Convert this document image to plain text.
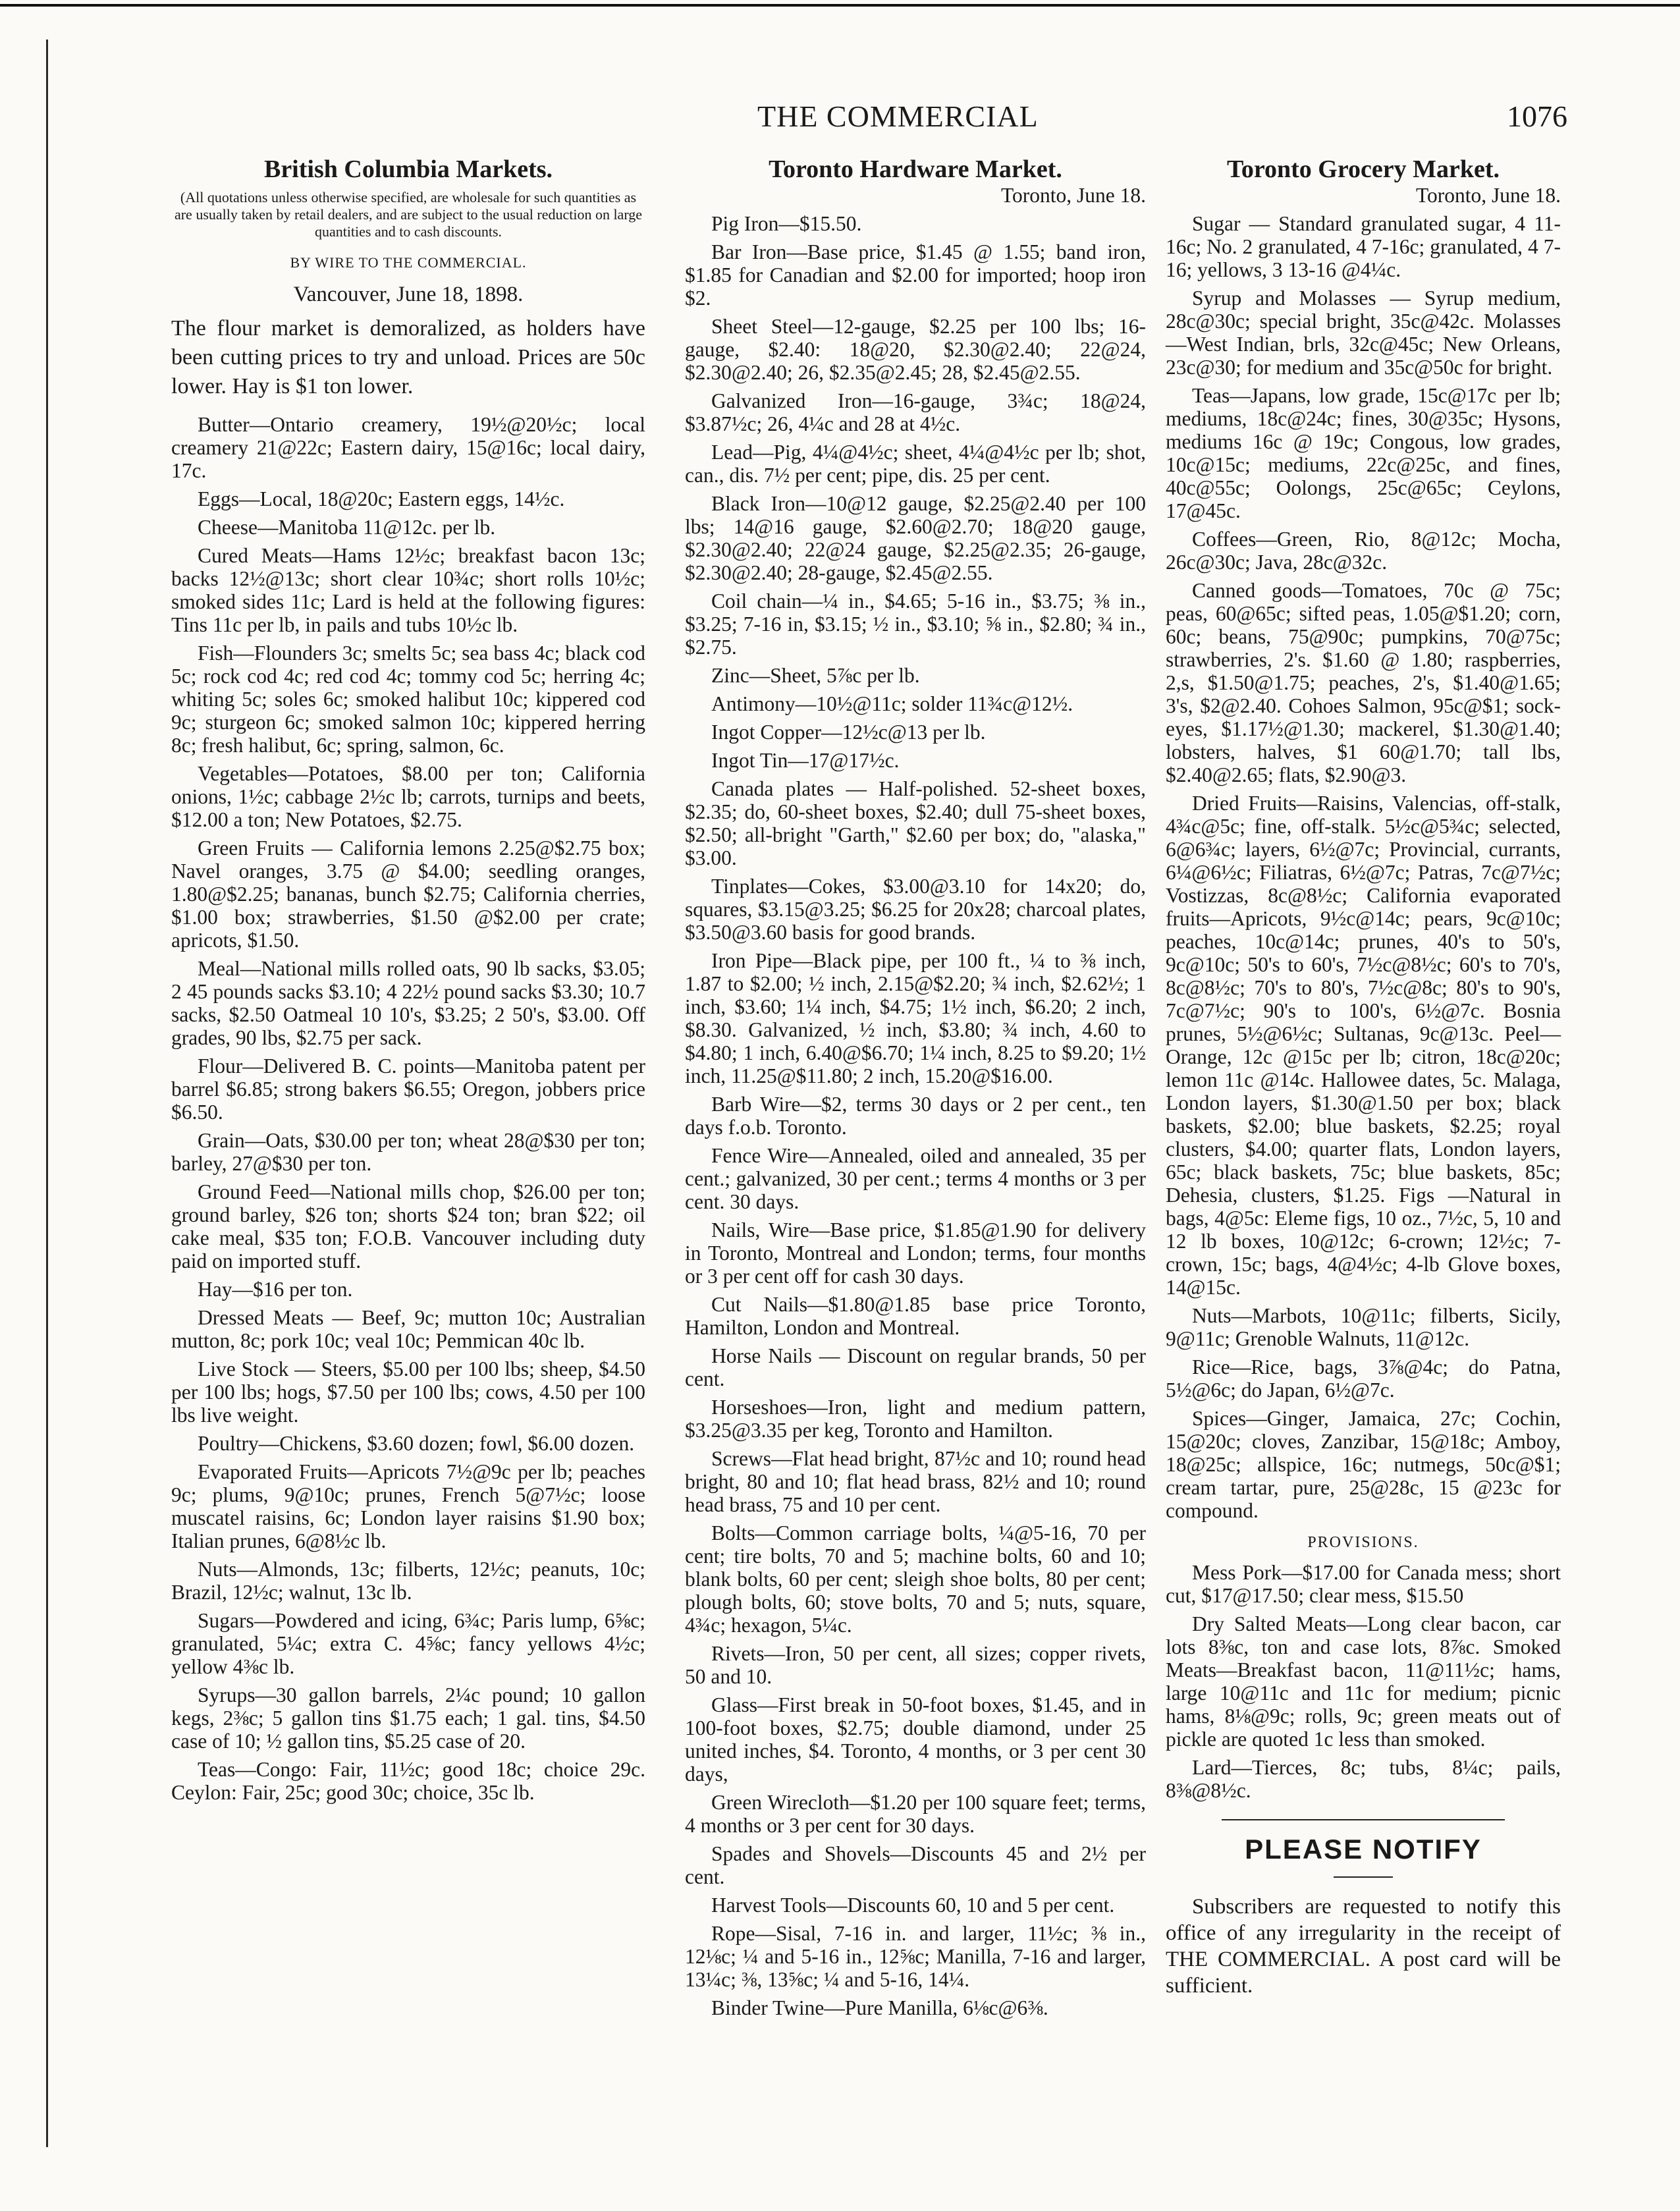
THE COMMERCIAL	1076
British Columbia Markets.
(All quotations unless otherwise specified, are wholesale for such quantities as are usually taken by retail dealers, and are subject to the usual reduction on large quantities and to cash discounts.
BY WIRE TO THE COMMERCIAL.
Vancouver, June 18, 1898.
The flour market is demoralized, as holders have been cutting prices to try and unload. Prices are 50c lower. Hay is $1 ton lower.

Butter—Ontario creamery, 19½@20½c; local creamery 21@22c; Eastern dairy, 15@16c; local dairy, 17c.

Eggs—Local, 18@20c; Eastern eggs, 14½c.

Cheese—Manitoba 11@12c. per lb.

Cured Meats—Hams 12½c; breakfast bacon 13c; backs 12½@13c; short clear 10¾c; short rolls 10½c; smoked sides 11c; Lard is held at the following figures: Tins 11c per lb, in pails and tubs 10½c lb.

Fish—Flounders 3c; smelts 5c; sea bass 4c; black cod 5c; rock cod 4c; red cod 4c; tommy cod 5c; herring 4c; whiting 5c; soles 6c; smoked halibut 10c; kippered cod 9c; sturgeon 6c; smoked salmon 10c; kippered herring 8c; fresh halibut, 6c; spring, salmon, 6c.

Vegetables—Potatoes, $8.00 per ton; California onions, 1½c; cabbage 2½c lb; carrots, turnips and beets, $12.00 a ton; New Potatoes, $2.75.

Green Fruits — California lemons 2.25@$2.75 box; Navel oranges, 3.75 @ $4.00; seedling oranges, 1.80@$2.25; bananas, bunch $2.75; California cherries, $1.00 box; strawberries, $1.50 @$2.00 per crate; apricots, $1.50.

Meal—National mills rolled oats, 90 lb sacks, $3.05; 2 45 pounds sacks $3.10; 4 22½ pound sacks $3.30; 10.7 sacks, $2.50 Oatmeal 10 10's, $3.25; 2 50's, $3.00. Off grades, 90 lbs, $2.75 per sack.

Flour—Delivered B. C. points—Manitoba patent per barrel $6.85; strong bakers $6.55; Oregon, jobbers price $6.50.

Grain—Oats, $30.00 per ton; wheat 28@$30 per ton; barley, 27@$30 per ton.

Ground Feed—National mills chop, $26.00 per ton; ground barley, $26 ton; shorts $24 ton; bran $22; oil cake meal, $35 ton; F.O.B. Vancouver including duty paid on imported stuff.

Hay—$16 per ton.

Dressed Meats — Beef, 9c; mutton 10c; Australian mutton, 8c; pork 10c; veal 10c; Pemmican 40c lb.

Live Stock — Steers, $5.00 per 100 lbs; sheep, $4.50 per 100 lbs; hogs, $7.50 per 100 lbs; cows, 4.50 per 100 lbs live weight.

Poultry—Chickens, $3.60 dozen; fowl, $6.00 dozen.

Evaporated Fruits—Apricots 7½@9c per lb; peaches 9c; plums, 9@10c; prunes, French 5@7½c; loose muscatel raisins, 6c; London layer raisins $1.90 box; Italian prunes, 6@8½c lb.

Nuts—Almonds, 13c; filberts, 12½c; peanuts, 10c; Brazil, 12½c; walnut, 13c lb.

Sugars—Powdered and icing, 6¾c; Paris lump, 6⅝c; granulated, 5¼c; extra C. 4⅝c; fancy yellows 4½c; yellow 4⅜c lb.

Syrups—30 gallon barrels, 2¼c pound; 10 gallon kegs, 2⅜c; 5 gallon tins $1.75 each; 1 gal. tins, $4.50 case of 10; ½ gallon tins, $5.25 case of 20.

Teas—Congo: Fair, 11½c; good 18c; choice 29c. Ceylon: Fair, 25c; good 30c; choice, 35c lb.

Toronto Hardware Market.
Toronto, June 18.

Pig Iron—$15.50.

Bar Iron—Base price, $1.45 @ 1.55; band iron, $1.85 for Canadian and $2.00 for imported; hoop iron $2.

Sheet Steel—12-gauge, $2.25 per 100 lbs; 16-gauge, $2.40: 18@20, $2.30@2.40; 22@24, $2.30@2.40; 26, $2.35@2.45; 28, $2.45@2.55.

Galvanized Iron—16-gauge, 3¾c; 18@24, $3.87½c; 26, 4¼c and 28 at 4½c.

Lead—Pig, 4¼@4½c; sheet, 4¼@4½c per lb; shot, can., dis. 7½ per cent; pipe, dis. 25 per cent.

Black Iron—10@12 gauge, $2.25@2.40 per 100 lbs; 14@16 gauge, $2.60@2.70; 18@20 gauge, $2.30@2.40; 22@24 gauge, $2.25@2.35; 26-gauge, $2.30@2.40; 28-gauge, $2.45@2.55.

Coil chain—¼ in., $4.65; 5-16 in., $3.75; ⅜ in., $3.25; 7-16 in, $3.15; ½ in., $3.10; ⅝ in., $2.80; ¾ in., $2.75.

Zinc—Sheet, 5⅞c per lb.

Antimony—10½@11c; solder 11¾c@12½.

Ingot Copper—12½c@13 per lb.

Ingot Tin—17@17½c.

Canada plates — Half-polished. 52-sheet boxes, $2.35; do, 60-sheet boxes, $2.40; dull 75-sheet boxes, $2.50; all-bright "Garth," $2.60 per box; do, "alaska," $3.00.

Tinplates—Cokes, $3.00@3.10 for 14x20; do, squares, $3.15@3.25; $6.25 for 20x28; charcoal plates, $3.50@3.60 basis for good brands.

Iron Pipe—Black pipe, per 100 ft., ¼ to ⅜ inch, 1.87 to $2.00; ½ inch, 2.15@$2.20; ¾ inch, $2.62½; 1 inch, $3.60; 1¼ inch, $4.75; 1½ inch, $6.20; 2 inch, $8.30. Galvanized, ½ inch, $3.80; ¾ inch, 4.60 to $4.80; 1 inch, 6.40@$6.70; 1¼ inch, 8.25 to $9.20; 1½ inch, 11.25@$11.80; 2 inch, 15.20@$16.00.

Barb Wire—$2, terms 30 days or 2 per cent., ten days f.o.b. Toronto.

Fence Wire—Annealed, oiled and annealed, 35 per cent.; galvanized, 30 per cent.; terms 4 months or 3 per cent. 30 days.

Nails, Wire—Base price, $1.85@1.90 for delivery in Toronto, Montreal and London; terms, four months or 3 per cent off for cash 30 days.

Cut Nails—$1.80@1.85 base price Toronto, Hamilton, London and Montreal.

Horse Nails — Discount on regular brands, 50 per cent.

Horseshoes—Iron, light and medium pattern, $3.25@3.35 per keg, Toronto and Hamilton.

Screws—Flat head bright, 87½c and 10; round head bright, 80 and 10; flat head brass, 82½ and 10; round head brass, 75 and 10 per cent.

Bolts—Common carriage bolts, ¼@5-16, 70 per cent; tire bolts, 70 and 5; machine bolts, 60 and 10; blank bolts, 60 per cent; sleigh shoe bolts, 80 per cent; plough bolts, 60; stove bolts, 70 and 5; nuts, square, 4¾c; hexagon, 5¼c.

Rivets—Iron, 50 per cent, all sizes; copper rivets, 50 and 10.

Glass—First break in 50-foot boxes, $1.45, and in 100-foot boxes, $2.75; double diamond, under 25 united inches, $4. Toronto, 4 months, or 3 per cent 30 days,

Green Wirecloth—$1.20 per 100 square feet; terms, 4 months or 3 per cent for 30 days.

Spades and Shovels—Discounts 45 and 2½ per cent.

Harvest Tools—Discounts 60, 10 and 5 per cent.

Rope—Sisal, 7-16 in. and larger, 11½c; ⅜ in., 12⅛c; ¼ and 5-16 in., 12⅝c; Manilla, 7-16 and larger, 13¼c; ⅜, 13⅝c; ¼ and 5-16, 14¼.

Binder Twine—Pure Manilla, 6⅛c@6⅜.

Toronto Grocery Market.
Toronto, June 18.

Sugar — Standard granulated sugar, 4 11-16c; No. 2 granulated, 4 7-16c; granulated, 4 7-16; yellows, 3 13-16 @4¼c.

Syrup and Molasses — Syrup medium, 28c@30c; special bright, 35c@42c. Molasses—West Indian, brls, 32c@45c; New Orleans, 23c@30; for medium and 35c@50c for bright.

Teas—Japans, low grade, 15c@17c per lb; mediums, 18c@24c; fines, 30@35c; Hysons, mediums 16c @ 19c; Congous, low grades, 10c@15c; mediums, 22c@25c, and fines, 40c@55c; Oolongs, 25c@65c; Ceylons, 17@45c.

Coffees—Green, Rio, 8@12c; Mocha, 26c@30c; Java, 28c@32c.

Canned goods—Tomatoes, 70c @ 75c; peas, 60@65c; sifted peas, 1.05@$1.20; corn, 60c; beans, 75@90c; pumpkins, 70@75c; strawberries, 2's. $1.60 @ 1.80; raspberries, 2,s, $1.50@1.75; peaches, 2's, $1.40@1.65; 3's, $2@2.40. Cohoes Salmon, 95c@$1; sock-eyes, $1.17½@1.30; mackerel, $1.30@1.40; lobsters, halves, $1 60@1.70; tall lbs, $2.40@2.65; flats, $2.90@3.

Dried Fruits—Raisins, Valencias, off-stalk, 4¾c@5c; fine, off-stalk. 5½c@5¾c; selected, 6@6¾c; layers, 6½@7c; Provincial, currants, 6¼@6½c; Filiatras, 6½@7c; Patras, 7c@7½c; Vostizzas, 8c@8½c; California evaporated fruits—Apricots, 9½c@14c; pears, 9c@10c; peaches, 10c@14c; prunes, 40's to 50's, 9c@10c; 50's to 60's, 7½c@8½c; 60's to 70's, 8c@8½c; 70's to 80's, 7½c@8c; 80's to 90's, 7c@7½c; 90's to 100's, 6½@7c. Bosnia prunes, 5½@6½c; Sultanas, 9c@13c. Peel—Orange, 12c @15c per lb; citron, 18c@20c; lemon 11c @14c. Hallowee dates, 5c. Malaga, London layers, $1.30@1.50 per box; black baskets, $2.00; blue baskets, $2.25; royal clusters, $4.00; quarter flats, London layers, 65c; black baskets, 75c; blue baskets, 85c; Dehesia, clusters, $1.25. Figs —Natural in bags, 4@5c: Eleme figs, 10 oz., 7½c, 5, 10 and 12 lb boxes, 10@12c; 6-crown; 12½c; 7-crown, 15c; bags, 4@4½c; 4-lb Glove boxes, 14@15c.

Nuts—Marbots, 10@11c; filberts, Sicily, 9@11c; Grenoble Walnuts, 11@12c.

Rice—Rice, bags, 3⅞@4c; do Patna, 5½@6c; do Japan, 6½@7c.

Spices—Ginger, Jamaica, 27c; Cochin, 15@20c; cloves, Zanzibar, 15@18c; Amboy, 18@25c; allspice, 16c; nutmegs, 50c@$1; cream tartar, pure, 25@28c, 15 @23c for compound.

PROVISIONS.

Mess Pork—$17.00 for Canada mess; short cut, $17@17.50; clear mess, $15.50

Dry Salted Meats—Long clear bacon, car lots 8⅜c, ton and case lots, 8⅞c. Smoked Meats—Breakfast bacon, 11@11½c; hams, large 10@11c and 11c for medium; picnic hams, 8⅛@9c; rolls, 9c; green meats out of pickle are quoted 1c less than smoked.

Lard—Tierces, 8c; tubs, 8¼c; pails, 8⅜@8½c.

PLEASE NOTIFY
Subscribers are requested to notify this office of any irregularity in the receipt of THE COMMERCIAL. A post card will be sufficient.
